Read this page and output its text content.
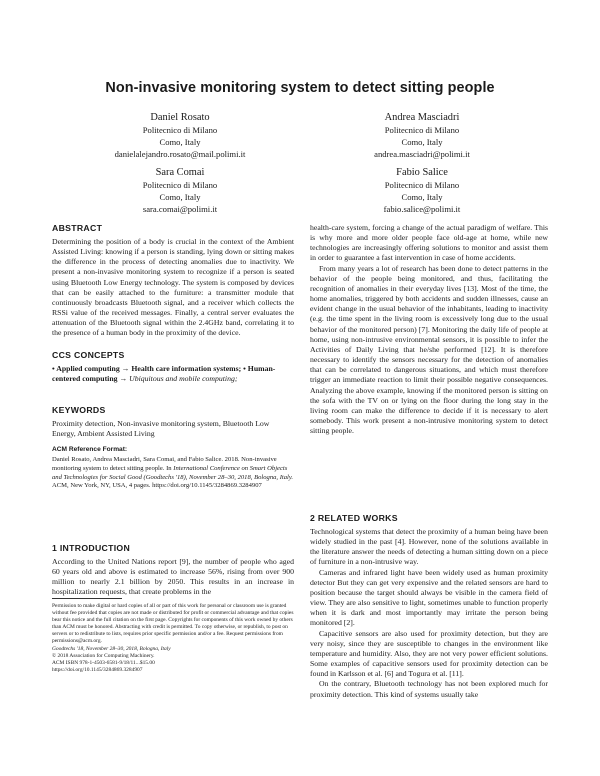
Non-invasive monitoring system to detect sitting people
Daniel Rosato
Politecnico di Milano
Como, Italy
danielalejandro.rosato@mail.polimi.it
Andrea Masciadri
Politecnico di Milano
Como, Italy
andrea.masciadri@polimi.it
Sara Comai
Politecnico di Milano
Como, Italy
sara.comai@polimi.it
Fabio Salice
Politecnico di Milano
Como, Italy
fabio.salice@polimi.it
ABSTRACT

Determining the position of a body is crucial in the context of the Ambient Assisted Living: knowing if a person is standing, lying down or sitting makes the difference in the process of detecting anomalies due to inactivity. We present a non-invasive monitoring system to recognize if a person is seated using Bluetooth Low Energy technology. The system is composed by devices that can be easily attached to the furniture: a transmitter module that continuously broadcasts Bluetooth signal, and a receiver which collects the RSSi value of the received messages. Finally, a central server evaluates the attenuation of the Bluetooth signal within the 2.4GHz band, correlating it to the presence of a human body in the proximity of the device.

CCS CONCEPTS

• Applied computing → Health care information systems; • Human-centered computing → Ubiquitous and mobile computing;

KEYWORDS

Proximity detection, Non-invasive monitoring system, Bluetooth Low Energy, Ambient Assisted Living

ACM Reference Format:
Daniel Rosato, Andrea Masciadri, Sara Comai, and Fabio Salice. 2018. Non-invasive monitoring system to detect sitting people. In International Conference on Smart Objects and Technologies for Social Good (Goodtechs '18), November 28–30, 2018, Bologna, Italy. ACM, New York, NY, USA, 4 pages. https://doi.org/10.1145/3284869.3284907
1 INTRODUCTION

According to the United Nations report [9], the number of people who aged 60 years old and above is estimated to increase 56%, rising from over 900 million to nearly 2.1 billion by 2050. This results in an increase in hospitalization requests, that create problems in the

Permission to make digital or hard copies of all or part of this work for personal or classroom use is granted without fee provided that copies are not made or distributed for profit or commercial advantage and that copies bear this notice and the full citation on the first page. Copyrights for components of this work owned by others than ACM must be honored. Abstracting with credit is permitted. To copy otherwise, or republish, to post on servers or to redistribute to lists, requires prior specific permission and/or a fee. Request permissions from permissions@acm.org.
Goodtechs '18, November 28–30, 2018, Bologna, Italy
© 2018 Association for Computing Machinery.
ACM ISBN 978-1-4503-6581-9/18/11...$15.00
https://doi.org/10.1145/3284869.3284907

health-care system, forcing a change of the actual paradigm of welfare. This is why more and more older people face old-age at home, while new technologies are increasingly offering solutions to monitor and assist them in order to guarantee a fast intervention in case of home accidents.

From many years a lot of research has been done to detect patterns in the behavior of the people being monitored, and thus, facilitating the recognition of anomalies in their everyday lives [13]. Most of the time, the home anomalies, triggered by both accidents and sudden illnesses, cause an evident change in the usual behavior of the inhabitants, leading to inactivity (e.g. the time spent in the living room is excessively long due to the usual behavior of the monitored person) [7]. Monitoring the daily life of people at home, using non-intrusive environmental sensors, it is possible to infer the Activities of Daily Living that he/she performed [12]. It is therefore necessary to identify the sensors necessary for the detection of anomalies that can be correlated to dangerous situations, and which must therefore trigger an immediate reaction to limit their possible negative consequences. Analyzing the above example, knowing if the monitored person is sitting on the sofa with the TV on or lying on the floor during the long stay in the living room can make the difference to decide if it is necessary to alert somebody. This work present a non-intrusive monitoring system to detect sitting people.

2 RELATED WORKS

Technological systems that detect the proximity of a human being have been widely studied in the past [4]. However, none of the solutions available in the literature answer the needs of detecting a human sitting down on a piece of furniture in a non-intrusive way.

Cameras and infrared light have been widely used as human proximity detector But they can get very expensive and the related sensors are hard to position because the target should always be visible in the camera field of view. They are also sensitive to light, sometimes unable to function properly when it is dark and most importantly may irritate the person being monitored [2].

Capacitive sensors are also used for proximity detection, but they are very noisy, since they are susceptible to changes in the environment like temperature and humidity. Also, they are not very power efficient solutions. Some examples of capacitive sensors used for proximity detection can be found in Karlsson et al. [6] and Togura et al. [11].

On the contrary, Bluetooth technology has not been explored much for proximity detection. This kind of systems usually take
